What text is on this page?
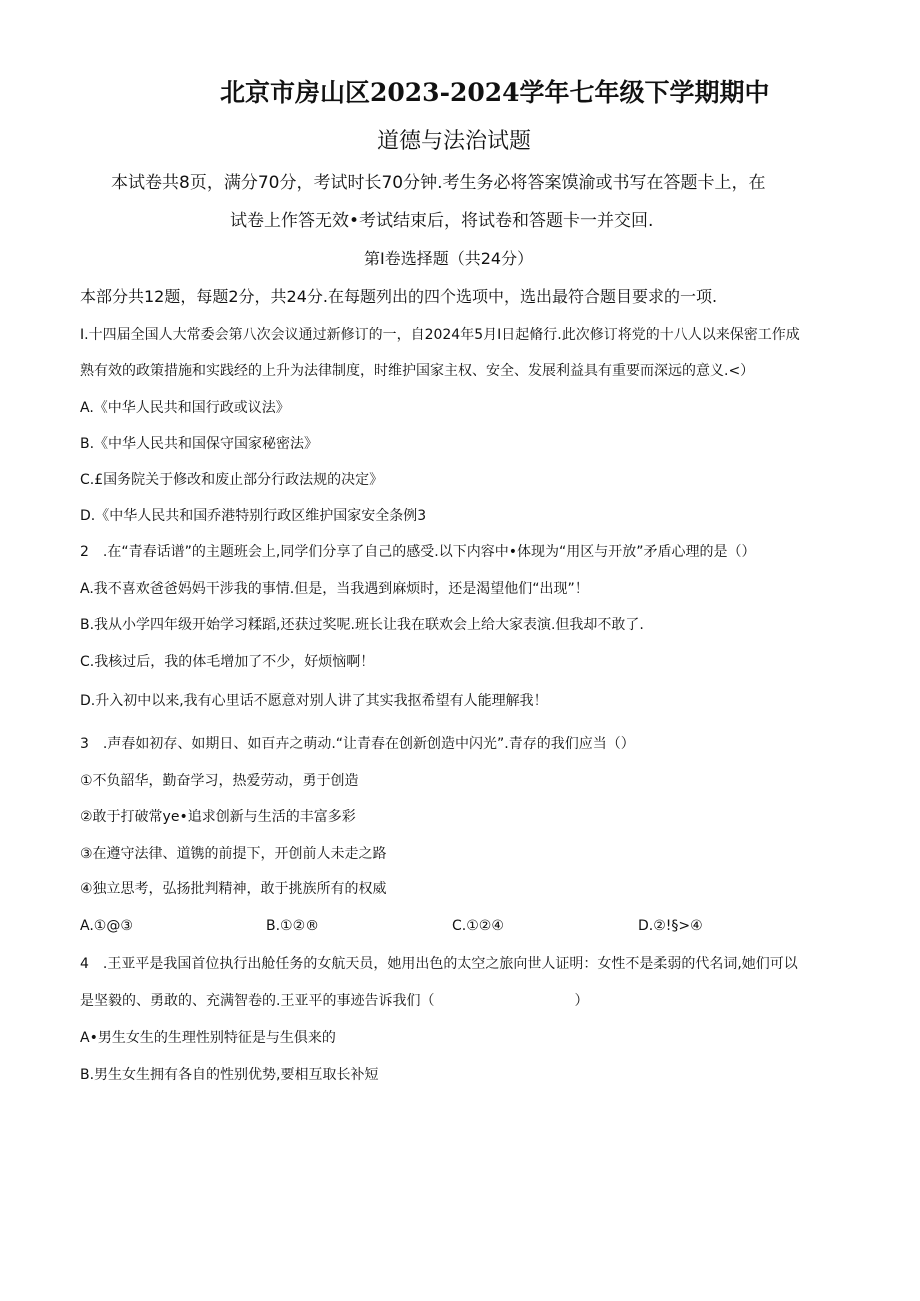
北京市房山区2023-2024学年七年级下学期期中
道德与法治试题
本试卷共8页，满分70分，考试时长70分钟.考生务必将答案馍渝或书写在答题卡上，在
试卷上作答无效•考试结束后，将试卷和答题卡一并交回.
第I卷选择题（共24分）
本部分共12题，每题2分，共24分.在每题列出的四个选项中，选出最符合题目要求的一项.
I.十四届全国人大常委会第八次会议通过新修订的一，自2024年5月I日起脩行.此次修订将党的十八人以来保密工作成
熟有效的政策措施和实践经的上升为法律制度，时维护国家主权、安全、发展利益具有重要而深远的意义.<）
A.《中华人民共和国行政或议法》
B.《中华人民共和国保守国家秘密法》
C.£国务院关于修改和废止部分行政法规的决定》
D.《中华人民共和国乔港特别行政区维护国家安全条例3
2　.在“青春话谱”的主题班会上,同学们分享了自己的感受.以下内容中•体现为“用区与开放”矛盾心理的是（）
A.我不喜欢爸爸妈妈干涉我的事情.但是，当我遇到麻烦时，还是渴望他们“出现”！
B.我从小学四年级开始学习糅蹈,还获过奖呢.班长让我在联欢会上给大家表演.但我却不敢了.
C.我核过后，我的体毛增加了不少，好烦恼啊！
D.升入初中以来,我有心里话不愿意对别人讲了其实我抠希望有人能理解我！
3　.声春如初存、如期日、如百卉之萌动.“让青春在创新创造中闪光”.青存的我们应当（）
①不负韶华，勤奋学习，热爱劳动，勇于创造
②敢于打破常ye•追求创新与生活的丰富多彩
③在遵守法律、道镌的前提下，开创前人未走之路
④独立思考，弘扬批判精神，敢于挑族所有的权威
A.①@③	B.①②®	C.①②④	D.②!§>④
4　.王亚平是我国首位执行出舱任务的女航天员，她用出色的太空之旅向世人证明：女性不是柔弱的代名词,她们可以
是坚毅的、勇敢的、充满智卷的.王亚平的事迹告诉我们（　　　　　　　　　　）
A•男生女生的生理性别特征是与生俱来的
B.男生女生拥有各自的性别优势,要相互取长补短
